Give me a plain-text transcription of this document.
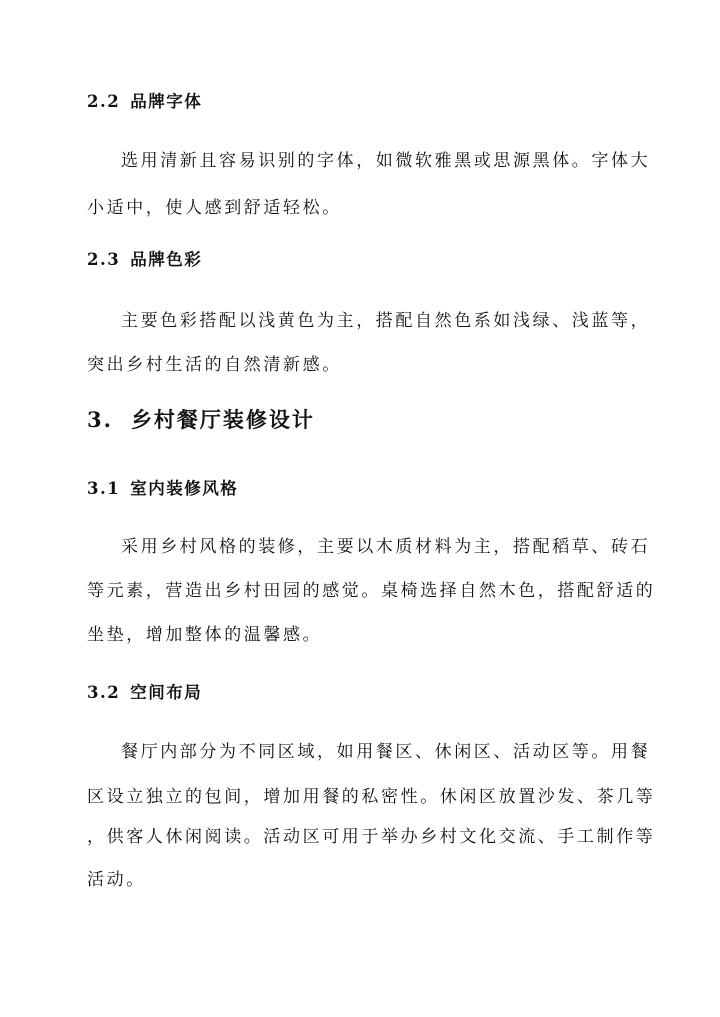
2.2 品牌字体

选用清新且容易识别的字体，如微软雅黑或思源黑体。字体大

小适中，使人感到舒适轻松。

2.3 品牌色彩

主要色彩搭配以浅黄色为主，搭配自然色系如浅绿、浅蓝等，

突出乡村生活的自然清新感。

3. 乡村餐厅装修设计
3.1 室内装修风格

采用乡村风格的装修，主要以木质材料为主，搭配稻草、砖石

等元素，营造出乡村田园的感觉。桌椅选择自然木色，搭配舒适的

坐垫，增加整体的温馨感。

3.2 空间布局

餐厅内部分为不同区域，如用餐区、休闲区、活动区等。用餐

区设立独立的包间，增加用餐的私密性。休闲区放置沙发、茶几等

，供客人休闲阅读。活动区可用于举办乡村文化交流、手工制作等

活动。
